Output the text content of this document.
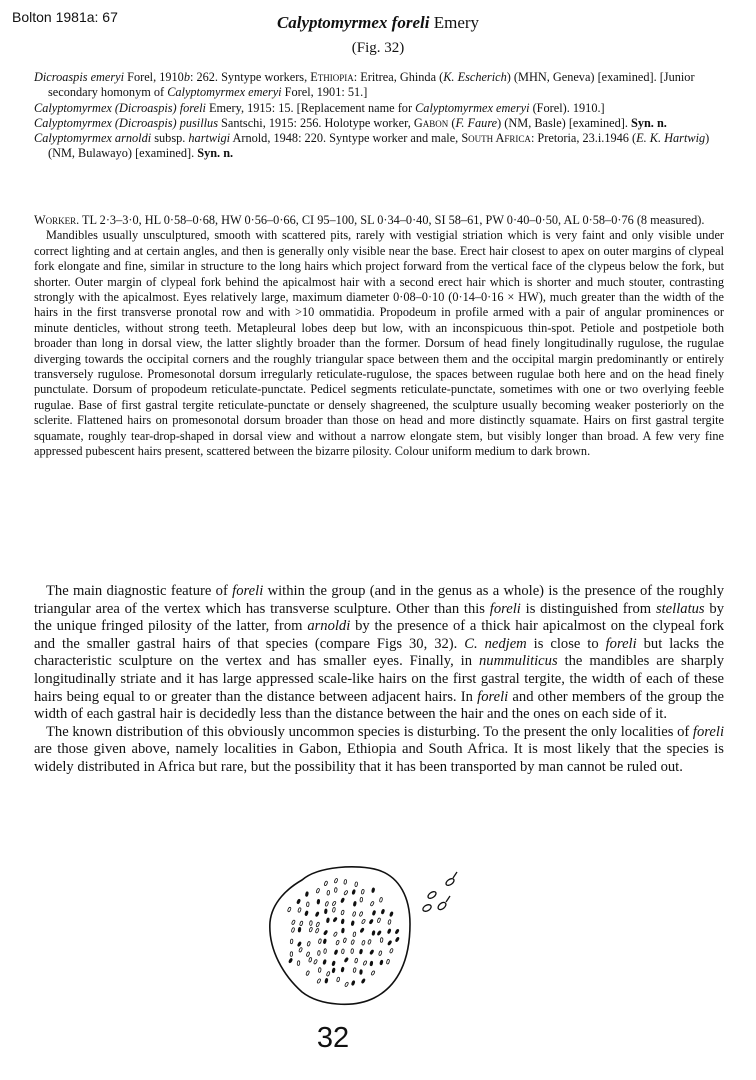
Bolton 1981a: 67	Calyptomyrmex foreli Emery
(Fig. 32)

Dicroaspis emeryi Forel, 1910b: 262. Syntype workers, Ethiopia: Eritrea, Ghinda (K. Escherich) (MHN, Geneva) [examined]. [Junior secondary homonym of Calyptomyrmex emeryi Forel, 1901: 51.]

Calyptomyrmex (Dicroaspis) foreli Emery, 1915: 15. [Replacement name for Calyptomyrmex emeryi (Forel). 1910.]

Calyptomyrmex (Dicroaspis) pusillus Santschi, 1915: 256. Holotype worker, Gabon (F. Faure) (NM, Basle) [examined]. Syn. n.

Calyptomyrmex arnoldi subsp. hartwigi Arnold, 1948: 220. Syntype worker and male, South Africa: Pretoria, 23.i.1946 (E. K. Hartwig) (NM, Bulawayo) [examined]. Syn. n.

Worker. TL 2·3–3·0, HL 0·58–0·68, HW 0·56–0·66, CI 95–100, SL 0·34–0·40, SI 58–61, PW 0·40–0·50, AL 0·58–0·76 (8 measured).

Mandibles usually unsculptured, smooth with scattered pits, rarely with vestigial striation which is very faint and only visible under correct lighting and at certain angles, and then is generally only visible near the base. Erect hair closest to apex on outer margins of clypeal fork elongate and fine, similar in structure to the long hairs which project forward from the vertical face of the clypeus below the fork, but shorter. Outer margin of clypeal fork behind the apicalmost hair with a second erect hair which is shorter and much stouter, contrasting strongly with the apicalmost. Eyes relatively large, maximum diameter 0·08–0·10 (0·14–0·16 × HW), much greater than the width of the hairs in the first transverse pronotal row and with >10 ommatidia. Propodeum in profile armed with a pair of angular prominences or minute denticles, without strong teeth. Metapleural lobes deep but low, with an inconspicuous thin-spot. Petiole and postpetiole both broader than long in dorsal view, the latter slightly broader than the former. Dorsum of head finely longitudinally rugulose, the rugulae diverging towards the occipital corners and the roughly triangular space between them and the occipital margin predominantly or entirely transversely rugulose. Promesonotal dorsum irregularly reticulate-rugulose, the spaces between rugulae both here and on the head finely punctulate. Dorsum of propodeum reticulate-punctate. Pedicel segments reticulate-punctate, sometimes with one or two overlying feeble rugulae. Base of first gastral tergite reticulate-punctate or densely shagreened, the sculpture usually becoming weaker posteriorly on the sclerite. Flattened hairs on promesonotal dorsum broader than those on head and more distinctly squamate. Hairs on first gastral tergite squamate, roughly tear-drop-shaped in dorsal view and without a narrow elongate stem, but visibly longer than broad. A few very fine appressed pubescent hairs present, scattered between the bizarre pilosity. Colour uniform medium to dark brown.

The main diagnostic feature of foreli within the group (and in the genus as a whole) is the presence of the roughly triangular area of the vertex which has transverse sculpture. Other than this foreli is distinguished from stellatus by the unique fringed pilosity of the latter, from arnoldi by the presence of a thick hair apicalmost on the clypeal fork and the smaller gastral hairs of that species (compare Figs 30, 32). C. nedjem is close to foreli but lacks the characteristic sculpture on the vertex and has smaller eyes. Finally, in nummuliticus the mandibles are sharply longitudinally striate and it has large appressed scale-like hairs on the first gastral tergite, the width of each of these hairs being equal to or greater than the distance between adjacent hairs. In foreli and other members of the group the width of each gastral hair is decidedly less than the distance between the hair and the ones on each side of it.

The known distribution of this obviously uncommon species is disturbing. To the present the only localities of foreli are those given above, namely localities in Gabon, Ethiopia and South Africa. It is most likely that the species is widely distributed in Africa but rare, but the possibility that it has been transported by man cannot be ruled out.

32
